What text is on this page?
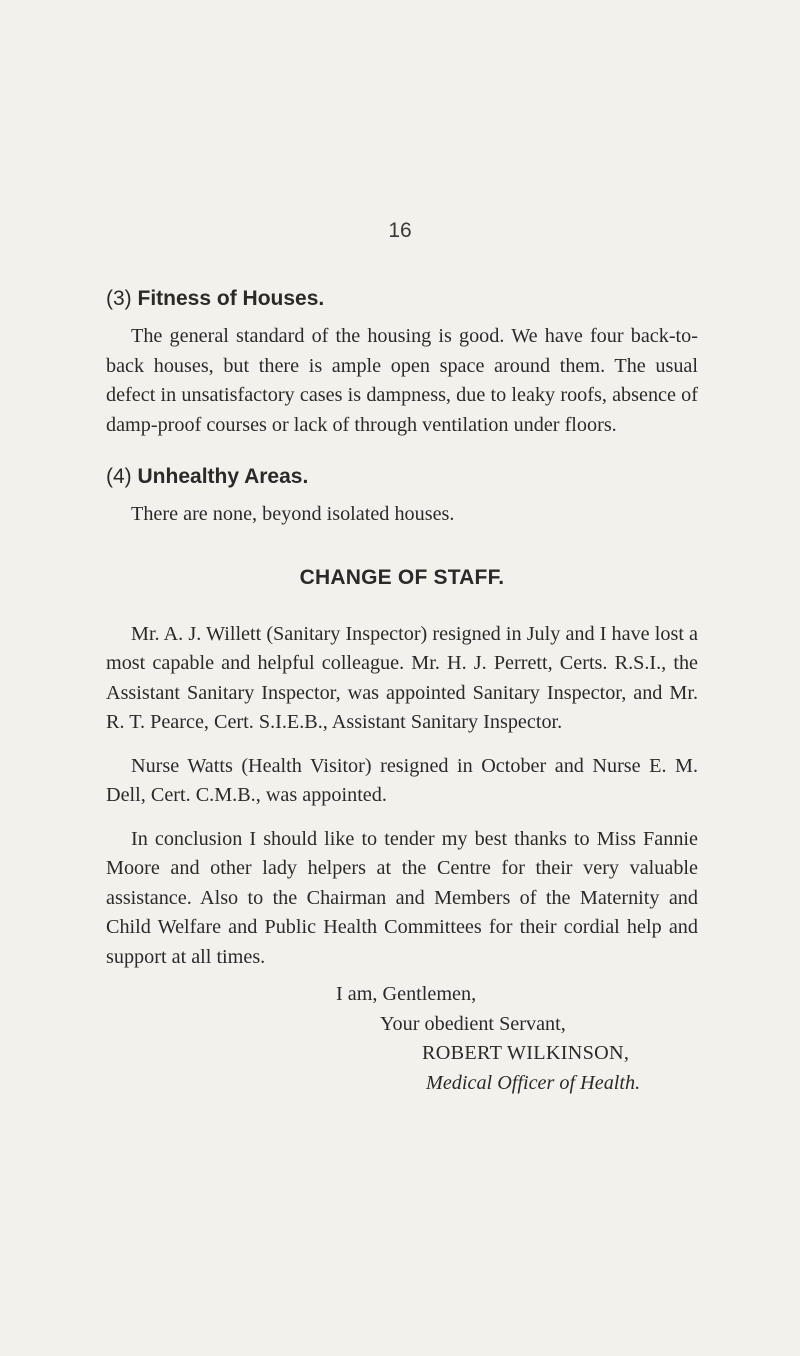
16
(3) Fitness of Houses.

The general standard of the housing is good. We have four back-to-back houses, but there is ample open space around them. The usual defect in unsatisfactory cases is dampness, due to leaky roofs, absence of damp-proof courses or lack of through ventilation under floors.

(4) Unhealthy Areas.

There are none, beyond isolated houses.

CHANGE OF STAFF.

Mr. A. J. Willett (Sanitary Inspector) resigned in July and I have lost a most capable and helpful colleague. Mr. H. J. Perrett, Certs. R.S.I., the Assistant Sanitary Inspector, was appointed Sanitary Inspector, and Mr. R. T. Pearce, Cert. S.I.E.B., Assistant Sanitary Inspector.

Nurse Watts (Health Visitor) resigned in October and Nurse E. M. Dell, Cert. C.M.B., was appointed.

In conclusion I should like to tender my best thanks to Miss Fannie Moore and other lady helpers at the Centre for their very valuable assistance. Also to the Chairman and Members of the Maternity and Child Welfare and Public Health Committees for their cordial help and support at all times.

I am, Gentlemen,
Your obedient Servant,
ROBERT WILKINSON,
Medical Officer of Health.
